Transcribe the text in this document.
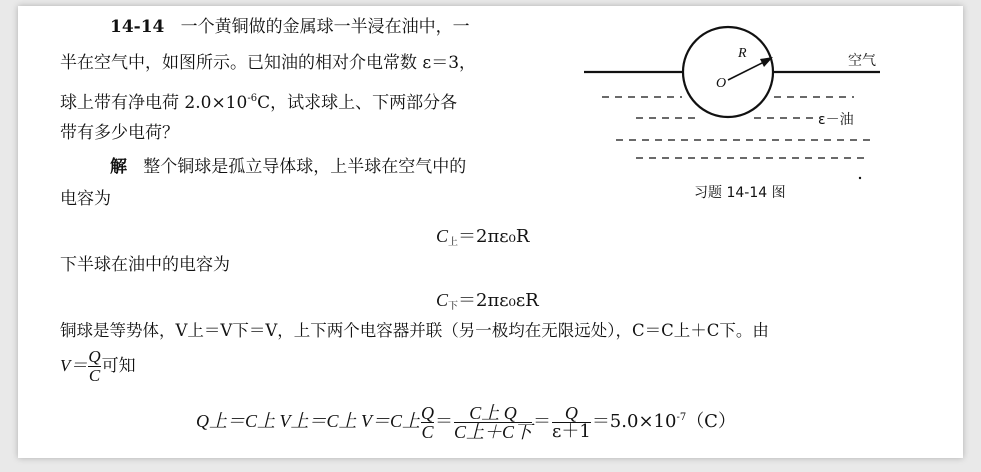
14-14 一个黄铜做的金属球一半浸在油中，一
半在空气中，如图所示。已知油的相对介电常数 ε＝3，
球上带有净电荷 $2.0\times 10^{-6}C$，试求球上、下两部分各
带有多少电荷？
解 整个铜球是孤立导体球，上半球在空气中的
电容为
$C_上=2\pi\varepsilon_0R$
下半球在油中的电容为
$C_下=2\pi\varepsilon_0\varepsilon R$
铜球是等势体，V上＝V下＝V，上下两个电容器并联（另一极均在无限远处），C＝C上＋C下。由
$V= \frac{Q}{C}$ 可知
Q上＝C上 V上＝C上 V＝C上 $\frac{Q}{C} = \frac{\text{C上 Q}}{\text{C上＋C下}} = \frac{Q}{\varepsilon+1} =5.0\times 10^{-7}(C)$
R
O
空气
ε－油
习题 14-14 图
